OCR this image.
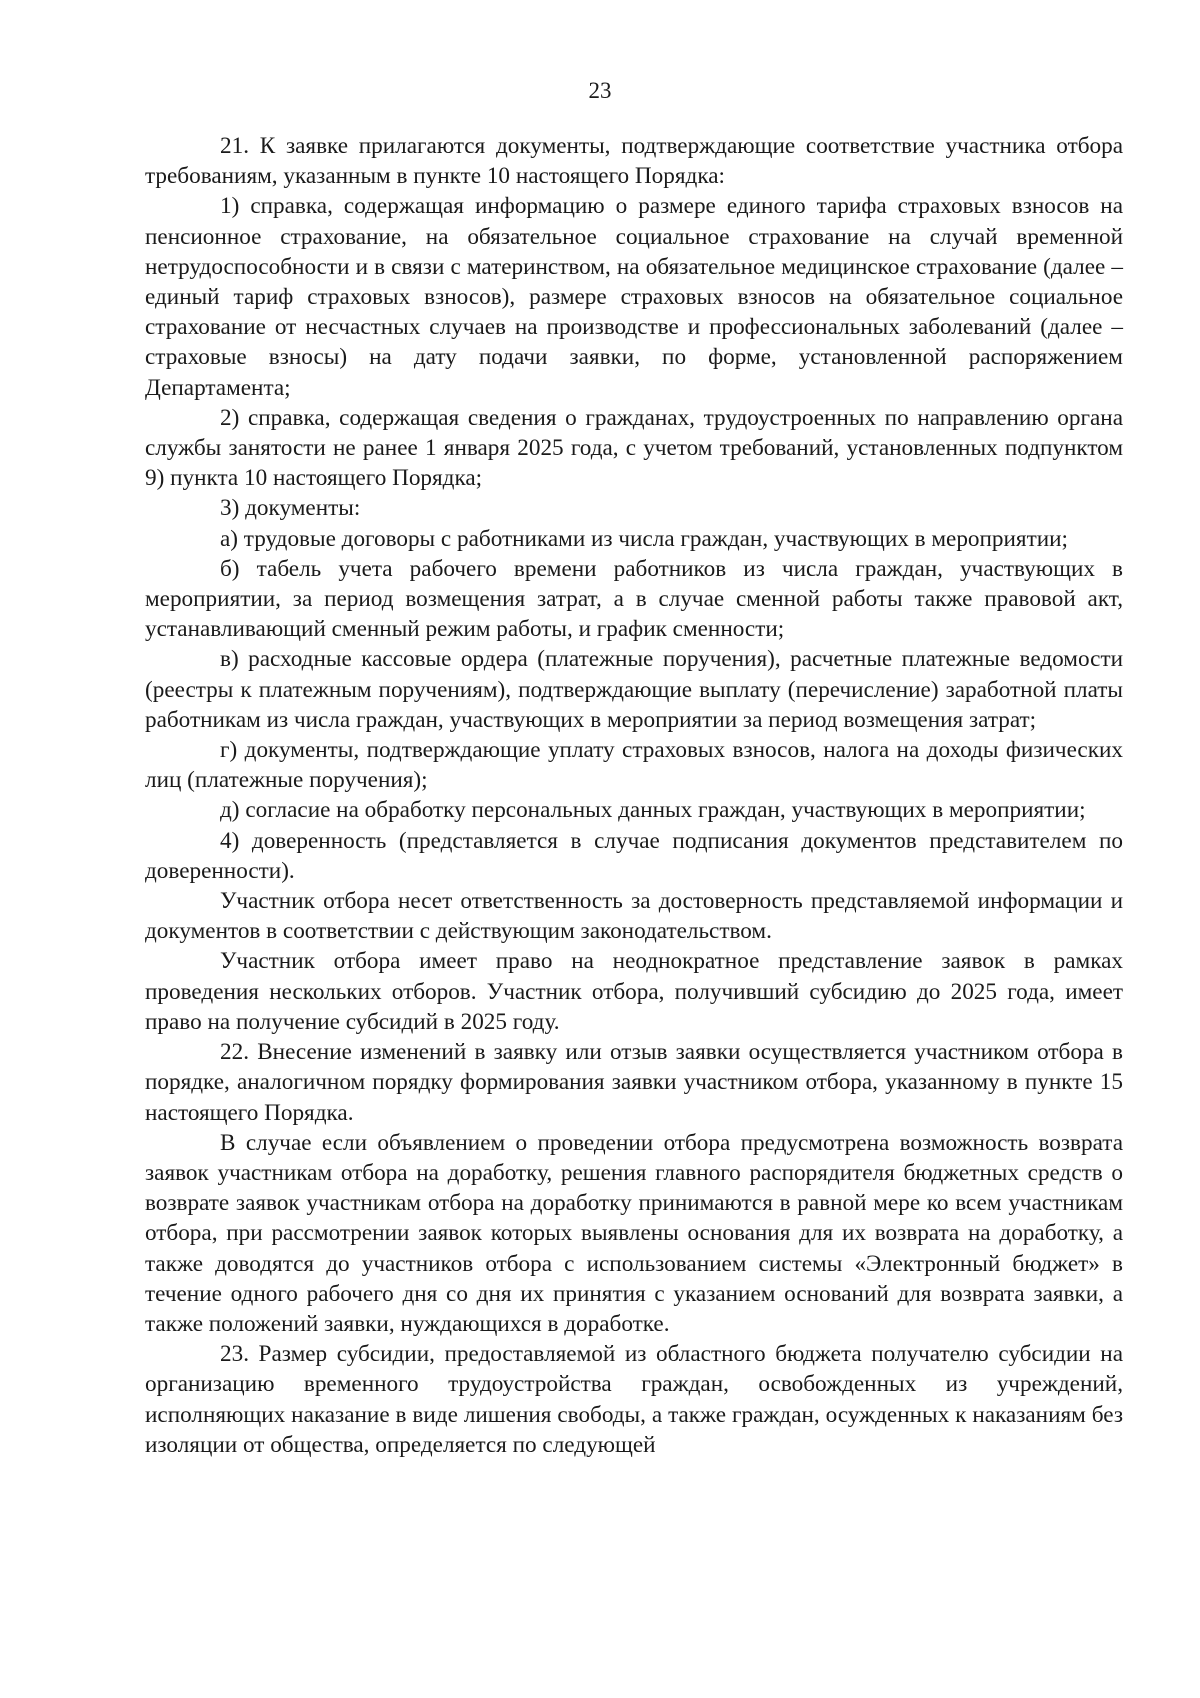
23

21. К заявке прилагаются документы, подтверждающие соответствие участника отбора требованиям, указанным в пункте 10 настоящего Порядка:

1) справка, содержащая информацию о размере единого тарифа страховых взносов на пенсионное страхование, на обязательное социальное страхование на случай временной нетрудоспособности и в связи с материнством, на обязательное медицинское страхование (далее – единый тариф страховых взносов), размере страховых взносов на обязательное социальное страхование от несчастных случаев на производстве и профессиональных заболеваний (далее – страховые взносы) на дату подачи заявки, по форме, установленной распоряжением Департамента;

2) справка, содержащая сведения о гражданах, трудоустроенных по направлению органа службы занятости не ранее 1 января 2025 года, с учетом требований, установленных подпунктом 9) пункта 10 настоящего Порядка;

3) документы:

а) трудовые договоры с работниками из числа граждан, участвующих в мероприятии;

б) табель учета рабочего времени работников из числа граждан, участвующих в мероприятии, за период возмещения затрат, а в случае сменной работы также правовой акт, устанавливающий сменный режим работы, и график сменности;

в) расходные кассовые ордера (платежные поручения), расчетные платежные ведомости (реестры к платежным поручениям), подтверждающие выплату (перечисление) заработной платы работникам из числа граждан, участвующих в мероприятии за период возмещения затрат;

г) документы, подтверждающие уплату страховых взносов, налога на доходы физических лиц (платежные поручения);

д) согласие на обработку персональных данных граждан, участвующих в мероприятии;

4) доверенность (представляется в случае подписания документов представителем по доверенности).

Участник отбора несет ответственность за достоверность представляемой информации и документов в соответствии с действующим законодательством.

Участник отбора имеет право на неоднократное представление заявок в рамках проведения нескольких отборов. Участник отбора, получивший субсидию до 2025 года, имеет право на получение субсидий в 2025 году.

22. Внесение изменений в заявку или отзыв заявки осуществляется участником отбора в порядке, аналогичном порядку формирования заявки участником отбора, указанному в пункте 15 настоящего Порядка.

В случае если объявлением о проведении отбора предусмотрена возможность возврата заявок участникам отбора на доработку, решения главного распорядителя бюджетных средств о возврате заявок участникам отбора на доработку принимаются в равной мере ко всем участникам отбора, при рассмотрении заявок которых выявлены основания для их возврата на доработку, а также доводятся до участников отбора с использованием системы «Электронный бюджет» в течение одного рабочего дня со дня их принятия с указанием оснований для возврата заявки, а также положений заявки, нуждающихся в доработке.

23. Размер субсидии, предоставляемой из областного бюджета получателю субсидии на организацию временного трудоустройства граждан, освобожденных из учреждений, исполняющих наказание в виде лишения свободы, а также граждан, осужденных к наказаниям без изоляции от общества, определяется по следующей
